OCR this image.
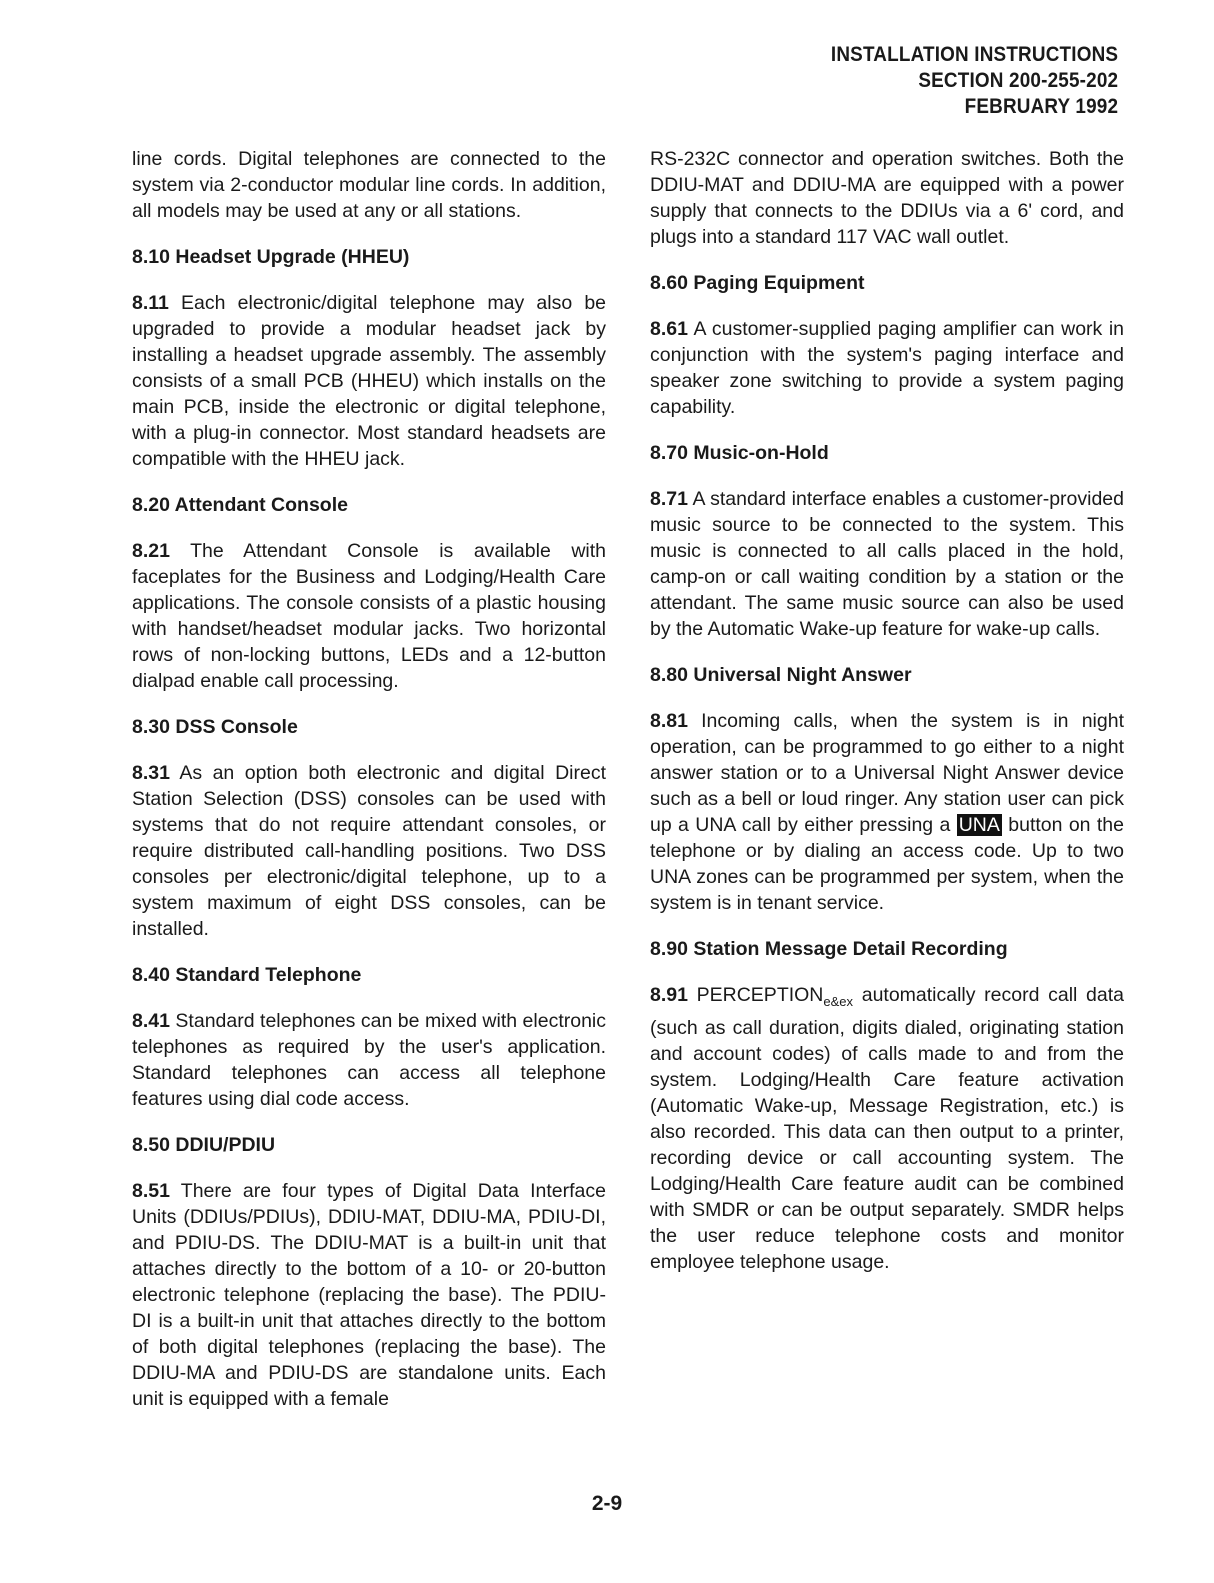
INSTALLATION INSTRUCTIONS
SECTION 200-255-202
FEBRUARY 1992

line cords. Digital telephones are connected to the system via 2-conductor modular line cords. In addition, all models may be used at any or all stations.

8.10 Headset Upgrade (HHEU)

8.11 Each electronic/digital telephone may also be upgraded to provide a modular headset jack by installing a headset upgrade assembly. The assembly consists of a small PCB (HHEU) which installs on the main PCB, inside the electronic or digital telephone, with a plug-in connector. Most standard headsets are compatible with the HHEU jack.

8.20 Attendant Console

8.21 The Attendant Console is available with faceplates for the Business and Lodging/Health Care applications. The console consists of a plastic housing with handset/headset modular jacks. Two horizontal rows of non-locking buttons, LEDs and a 12-button dialpad enable call processing.

8.30 DSS Console

8.31 As an option both electronic and digital Direct Station Selection (DSS) consoles can be used with systems that do not require attendant consoles, or require distributed call-handling positions. Two DSS consoles per electronic/digital telephone, up to a system maximum of eight DSS consoles, can be installed.

8.40 Standard Telephone

8.41 Standard telephones can be mixed with electronic telephones as required by the user's application. Standard telephones can access all telephone features using dial code access.

8.50 DDIU/PDIU

8.51 There are four types of Digital Data Interface Units (DDIUs/PDIUs), DDIU-MAT, DDIU-MA, PDIU-DI, and PDIU-DS. The DDIU-MAT is a built-in unit that attaches directly to the bottom of a 10- or 20-button electronic telephone (replacing the base). The PDIU-DI is a built-in unit that attaches directly to the bottom of both digital telephones (replacing the base). The DDIU-MA and PDIU-DS are standalone units. Each unit is equipped with a female

RS-232C connector and operation switches. Both the DDIU-MAT and DDIU-MA are equipped with a power supply that connects to the DDIUs via a 6' cord, and plugs into a standard 117 VAC wall outlet.

8.60 Paging Equipment

8.61 A customer-supplied paging amplifier can work in conjunction with the system's paging interface and speaker zone switching to provide a system paging capability.

8.70 Music-on-Hold

8.71 A standard interface enables a customer-provided music source to be connected to the system. This music is connected to all calls placed in the hold, camp-on or call waiting condition by a station or the attendant. The same music source can also be used by the Automatic Wake-up feature for wake-up calls.

8.80 Universal Night Answer

8.81 Incoming calls, when the system is in night operation, can be programmed to go either to a night answer station or to a Universal Night Answer device such as a bell or loud ringer. Any station user can pick up a UNA call by either pressing a UNA button on the telephone or by dialing an access code. Up to two UNA zones can be programmed per system, when the system is in tenant service.

8.90 Station Message Detail Recording

8.91 $PERCEPTION_{e\&ex}$ automatically record call data (such as call duration, digits dialed, originating station and account codes) of calls made to and from the system. Lodging/Health Care feature activation (Automatic Wake-up, Message Registration, etc.) is also recorded. This data can then output to a printer, recording device or call accounting system. The Lodging/Health Care feature audit can be combined with SMDR or can be output separately. SMDR helps the user reduce telephone costs and monitor employee telephone usage.

2-9
